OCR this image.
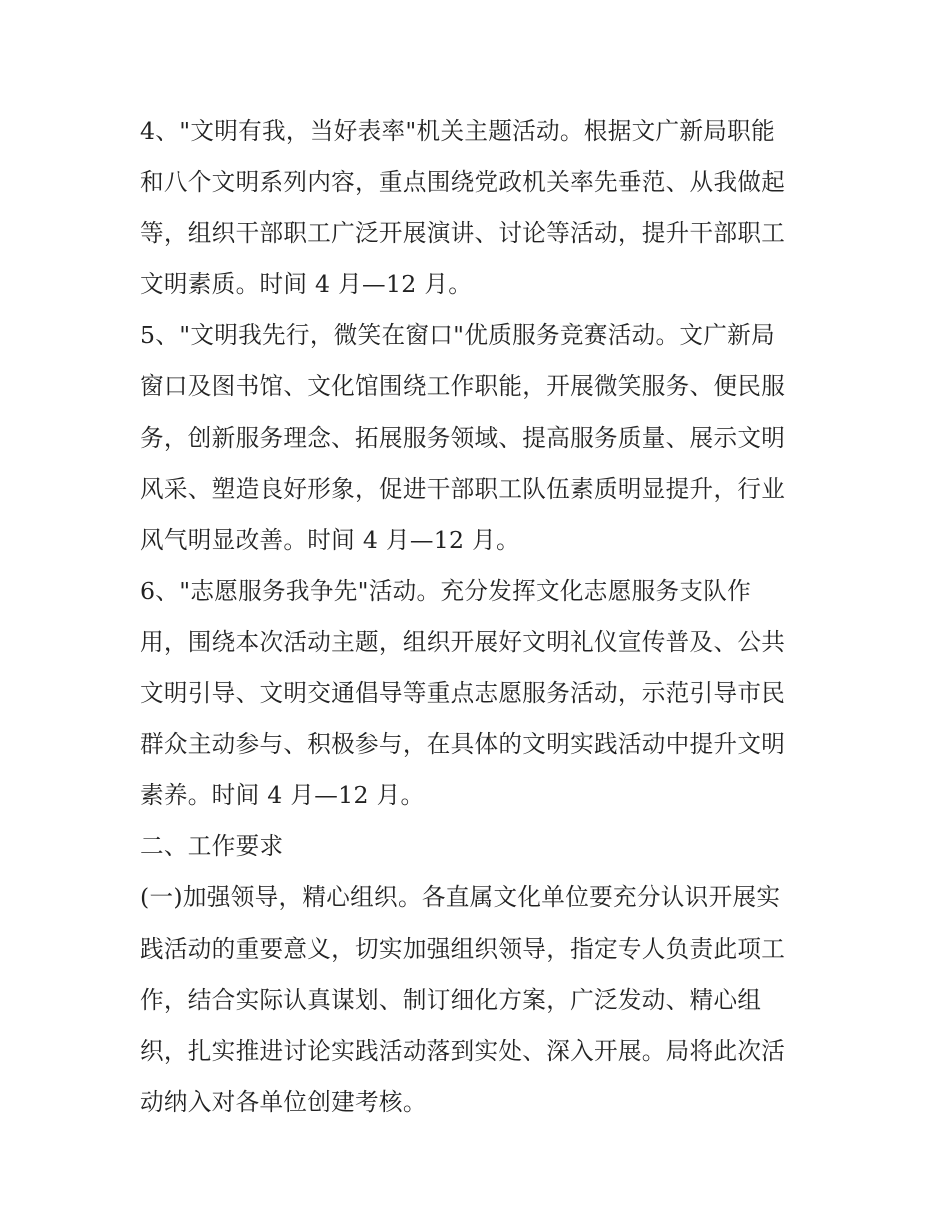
4、"文明有我，当好表率"机关主题活动。根据文广新局职能
和八个文明系列内容，重点围绕党政机关率先垂范、从我做起
等，组织干部职工广泛开展演讲、讨论等活动，提升干部职工
文明素质。时间 4 月—12 月。
5、"文明我先行，微笑在窗口"优质服务竞赛活动。文广新局
窗口及图书馆、文化馆围绕工作职能，开展微笑服务、便民服
务，创新服务理念、拓展服务领域、提高服务质量、展示文明
风采、塑造良好形象，促进干部职工队伍素质明显提升，行业
风气明显改善。时间 4 月—12 月。
6、"志愿服务我争先"活动。充分发挥文化志愿服务支队作
用，围绕本次活动主题，组织开展好文明礼仪宣传普及、公共
文明引导、文明交通倡导等重点志愿服务活动，示范引导市民
群众主动参与、积极参与，在具体的文明实践活动中提升文明
素养。时间 4 月—12 月。
二、工作要求
(一)加强领导，精心组织。各直属文化单位要充分认识开展实
践活动的重要意义，切实加强组织领导，指定专人负责此项工
作，结合实际认真谋划、制订细化方案，广泛发动、精心组
织，扎实推进讨论实践活动落到实处、深入开展。局将此次活
动纳入对各单位创建考核。
